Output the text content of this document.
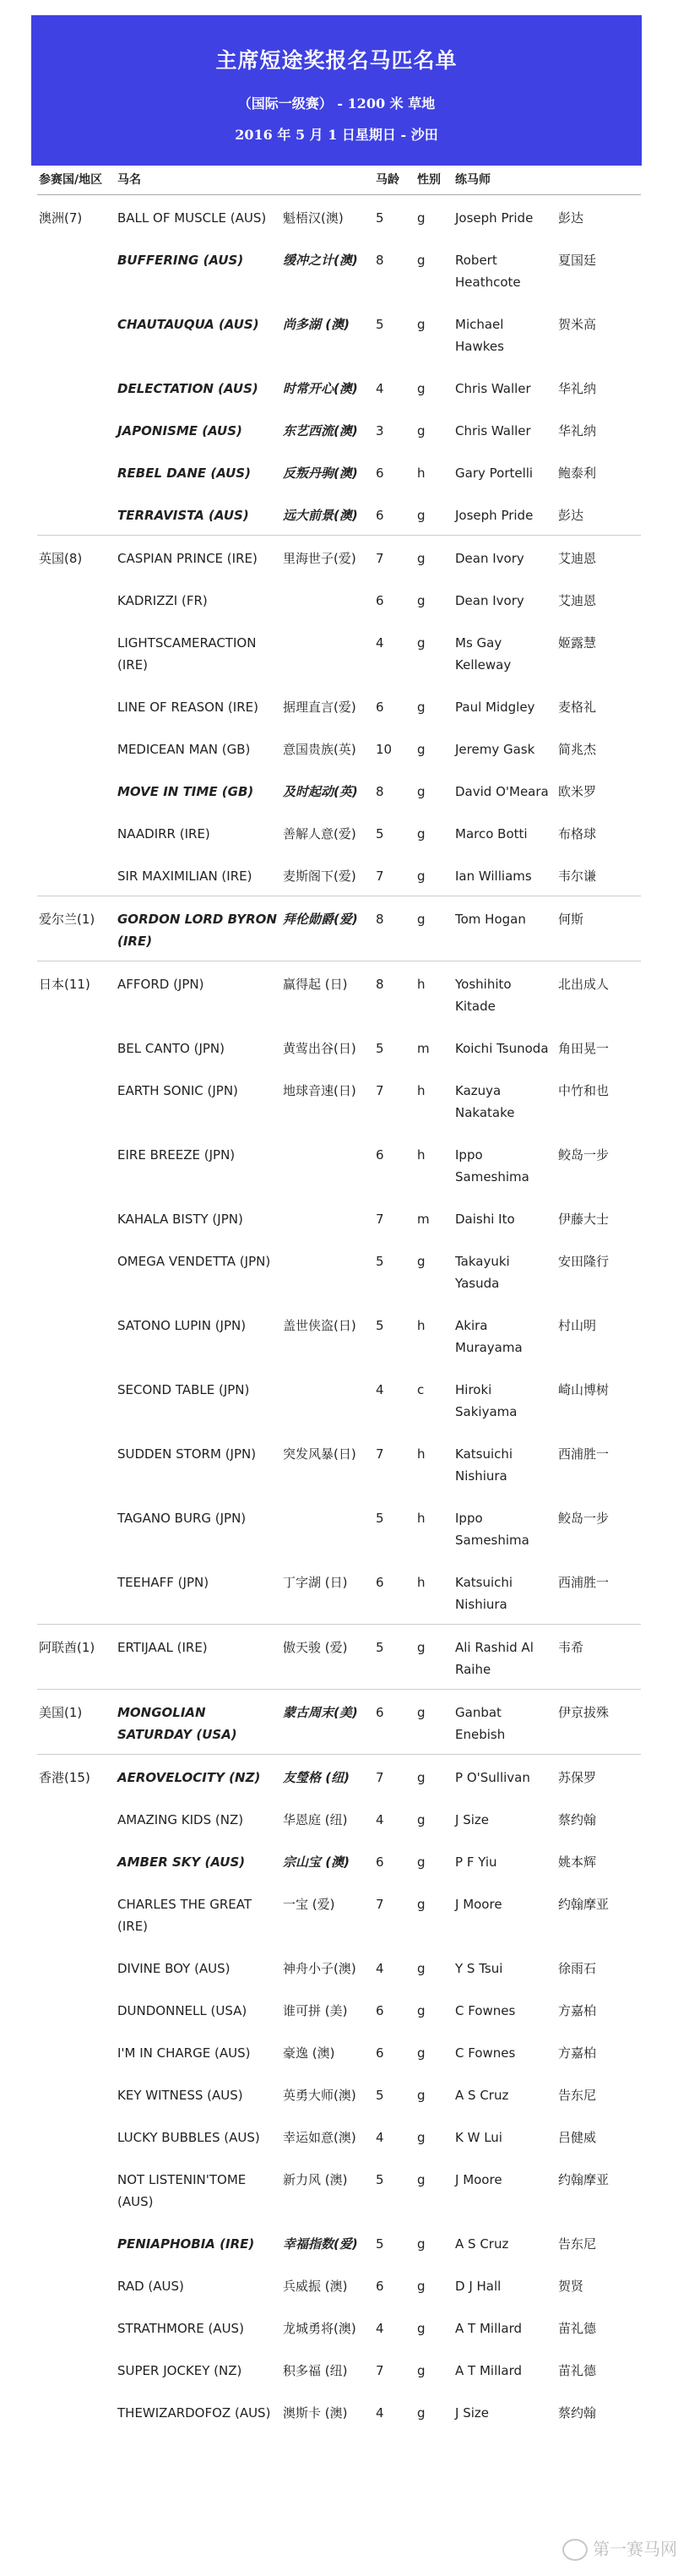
主席短途奖报名马匹名单
（国际一级赛） - 1200 米 草地
2016 年 5 月 1 日星期日 - 沙田
参赛国/地区	马名		马龄	性别	练马师	
澳洲(7)	BALL OF MUSCLE (AUS)	魁梧汉(澳)	5	g	Joseph Pride	彭达
	BUFFERING (AUS)	缓冲之计(澳)	8	g	Robert Heathcote	夏国廷
	CHAUTAUQUA (AUS)	尚多湖 (澳)	5	g	Michael Hawkes	贺米高
	DELECTATION (AUS)	时常开心(澳)	4	g	Chris Waller	华礼纳
	JAPONISME (AUS)	东艺西流(澳)	3	g	Chris Waller	华礼纳
	REBEL DANE (AUS)	反叛丹驹(澳)	6	h	Gary Portelli	鲍泰利
	TERRAVISTA (AUS)	远大前景(澳)	6	g	Joseph Pride	彭达
英国(8)	CASPIAN PRINCE (IRE)	里海世子(爱)	7	g	Dean Ivory	艾迪恩
	KADRIZZI (FR)		6	g	Dean Ivory	艾迪恩
	LIGHTSCAMERACTION (IRE)		4	g	Ms Gay Kelleway	姬露慧
	LINE OF REASON (IRE)	据理直言(爱)	6	g	Paul Midgley	麦格礼
	MEDICEAN MAN (GB)	意国贵族(英)	10	g	Jeremy Gask	简兆杰
	MOVE IN TIME (GB)	及时起动(英)	8	g	David O'Meara	欧米罗
	NAADIRR (IRE)	善解人意(爱)	5	g	Marco Botti	布格球
	SIR MAXIMILIAN (IRE)	麦斯阁下(爱)	7	g	Ian Williams	韦尔谦
爱尔兰(1)	GORDON LORD BYRON (IRE)	拜伦勋爵(爱)	8	g	Tom Hogan	何斯
日本(11)	AFFORD (JPN)	赢得起 (日)	8	h	Yoshihito Kitade	北出成人
	BEL CANTO (JPN)	黄莺出谷(日)	5	m	Koichi Tsunoda	角田晃一
	EARTH SONIC (JPN)	地球音速(日)	7	h	Kazuya Nakatake	中竹和也
	EIRE BREEZE (JPN)		6	h	Ippo Sameshima	鲛岛一步
	KAHALA BISTY (JPN)		7	m	Daishi Ito	伊藤大士
	OMEGA VENDETTA (JPN)		5	g	Takayuki Yasuda	安田隆行
	SATONO LUPIN (JPN)	盖世侠盗(日)	5	h	Akira Murayama	村山明
	SECOND TABLE (JPN)		4	c	Hiroki Sakiyama	崎山博树
	SUDDEN STORM (JPN)	突发风暴(日)	7	h	Katsuichi Nishiura	西浦胜一
	TAGANO BURG (JPN)		5	h	Ippo Sameshima	鲛岛一步
	TEEHAFF (JPN)	丁字湖 (日)	6	h	Katsuichi Nishiura	西浦胜一
阿联酋(1)	ERTIJAAL (IRE)	傲天骏 (爱)	5	g	Ali Rashid Al Raihe	韦希
美国(1)	MONGOLIAN SATURDAY (USA)	蒙古周末(美)	6	g	Ganbat Enebish	伊京拔殊
香港(15)	AEROVELOCITY (NZ)	友瑩格 (纽)	7	g	P O'Sullivan	苏保罗
	AMAZING KIDS (NZ)	华恩庭 (纽)	4	g	J Size	蔡约翰
	AMBER SKY (AUS)	宗山宝 (澳)	6	g	P F Yiu	姚本辉
	CHARLES THE GREAT (IRE)	一宝 (爱)	7	g	J Moore	约翰摩亚
	DIVINE BOY (AUS)	神舟小子(澳)	4	g	Y S Tsui	徐雨石
	DUNDONNELL (USA)	谁可拼 (美)	6	g	C Fownes	方嘉柏
	I'M IN CHARGE (AUS)	豪逸 (澳)	6	g	C Fownes	方嘉柏
	KEY WITNESS (AUS)	英勇大师(澳)	5	g	A S Cruz	告东尼
	LUCKY BUBBLES (AUS)	幸运如意(澳)	4	g	K W Lui	吕健威
	NOT LISTENIN'TOME (AUS)	新力风 (澳)	5	g	J Moore	约翰摩亚
	PENIAPHOBIA (IRE)	幸福指数(爱)	5	g	A S Cruz	告东尼
	RAD (AUS)	兵威振 (澳)	6	g	D J Hall	贺贤
	STRATHMORE (AUS)	龙城勇将(澳)	4	g	A T Millard	苗礼德
	SUPER JOCKEY (NZ)	积多福 (纽)	7	g	A T Millard	苗礼德
	THEWIZARDOFOZ (AUS)	澳斯卡 (澳)	4	g	J Size	蔡约翰
第一赛马网
